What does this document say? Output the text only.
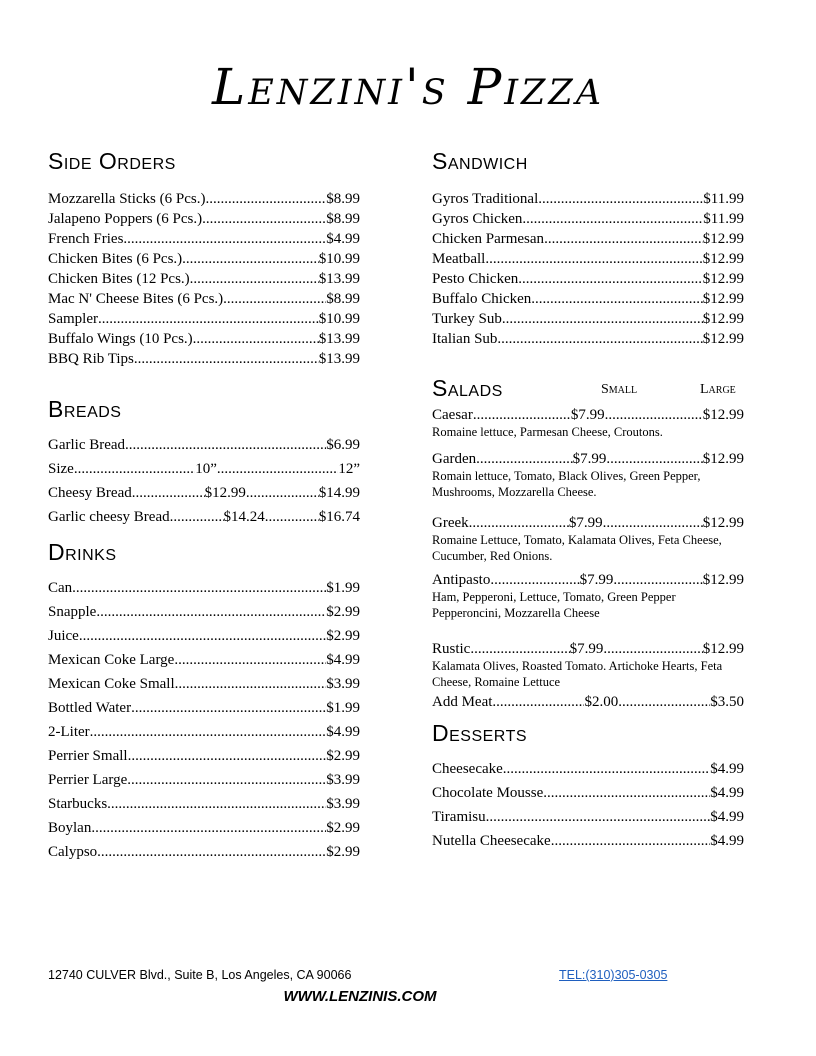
Lenzini's Pizza
Side Orders
Mozzarella Sticks (6 Pcs.) .....	$8.99
Jalapeno Poppers (6 Pcs.) .....	$8.99
French Fries .....	$4.99
Chicken Bites (6 Pcs.). .....	$10.99
Chicken Bites (12 Pcs.) .....	$13.99
Mac N' Cheese Bites (6 Pcs.) .....	$8.99
Sampler .....	$10.99
Buffalo Wings (10 Pcs.) .....	$13.99
BBQ Rib Tips .....	$13.99
Breads
Garlic Bread .....	$6.99
Size .....	10” .....	12”
Cheesy Bread .....	$12.99 .....	$14.99
Garlic cheesy Bread .....	$14.24 .....	$16.74
Drinks
Can .....	$1.99
Snapple .....	$2.99
Juice .....	$2.99
Mexican Coke Large .....	$4.99
Mexican Coke Small .....	$3.99
Bottled Water .....	$1.99
2-Liter .....	$4.99
Perrier Small .....	$2.99
Perrier Large .....	$3.99
Starbucks .....	$3.99
Boylan .....	$2.99
Calypso .....	$2.99
Sandwich
Gyros Traditional .....	$11.99
Gyros Chicken .....	$11.99
Chicken Parmesan .....	$12.99
Meatball .....	$12.99
Pesto Chicken .....	$12.99
Buffalo Chicken .....	$12.99
Turkey Sub .....	$12.99
Italian Sub .....	$12.99
Salads	Small	Large
Caesar .....	$7.99 .....	$12.99
Romaine lettuce, Parmesan Cheese, Croutons.
Garden .....	$7.99 .....	$12.99
Romain lettuce, Tomato, Black Olives, Green Pepper, Mushrooms, Mozzarella Cheese.
Greek .....	$7.99 .....	$12.99
Romaine Lettuce, Tomato, Kalamata Olives, Feta Cheese, Cucumber, Red Onions.
Antipasto .....	$7.99 .....	$12.99
Ham, Pepperoni, Lettuce, Tomato, Green Pepper Pepperoncini, Mozzarella Cheese
Rustic .....	$7.99 .....	$12.99
Kalamata Olives, Roasted Tomato. Artichoke Hearts, Feta Cheese, Romaine Lettuce
Add Meat .....	$2.00 .....	$3.50
Desserts
Cheesecake .....	$4.99
Chocolate Mousse .....	$4.99
Tiramisu .....	$4.99
Nutella Cheesecake .....	$4.99
12740 CULVER Blvd., Suite B, Los Angeles, CA 90066	TEL:(310)305-0305
WWW.LENZINIS.COM
